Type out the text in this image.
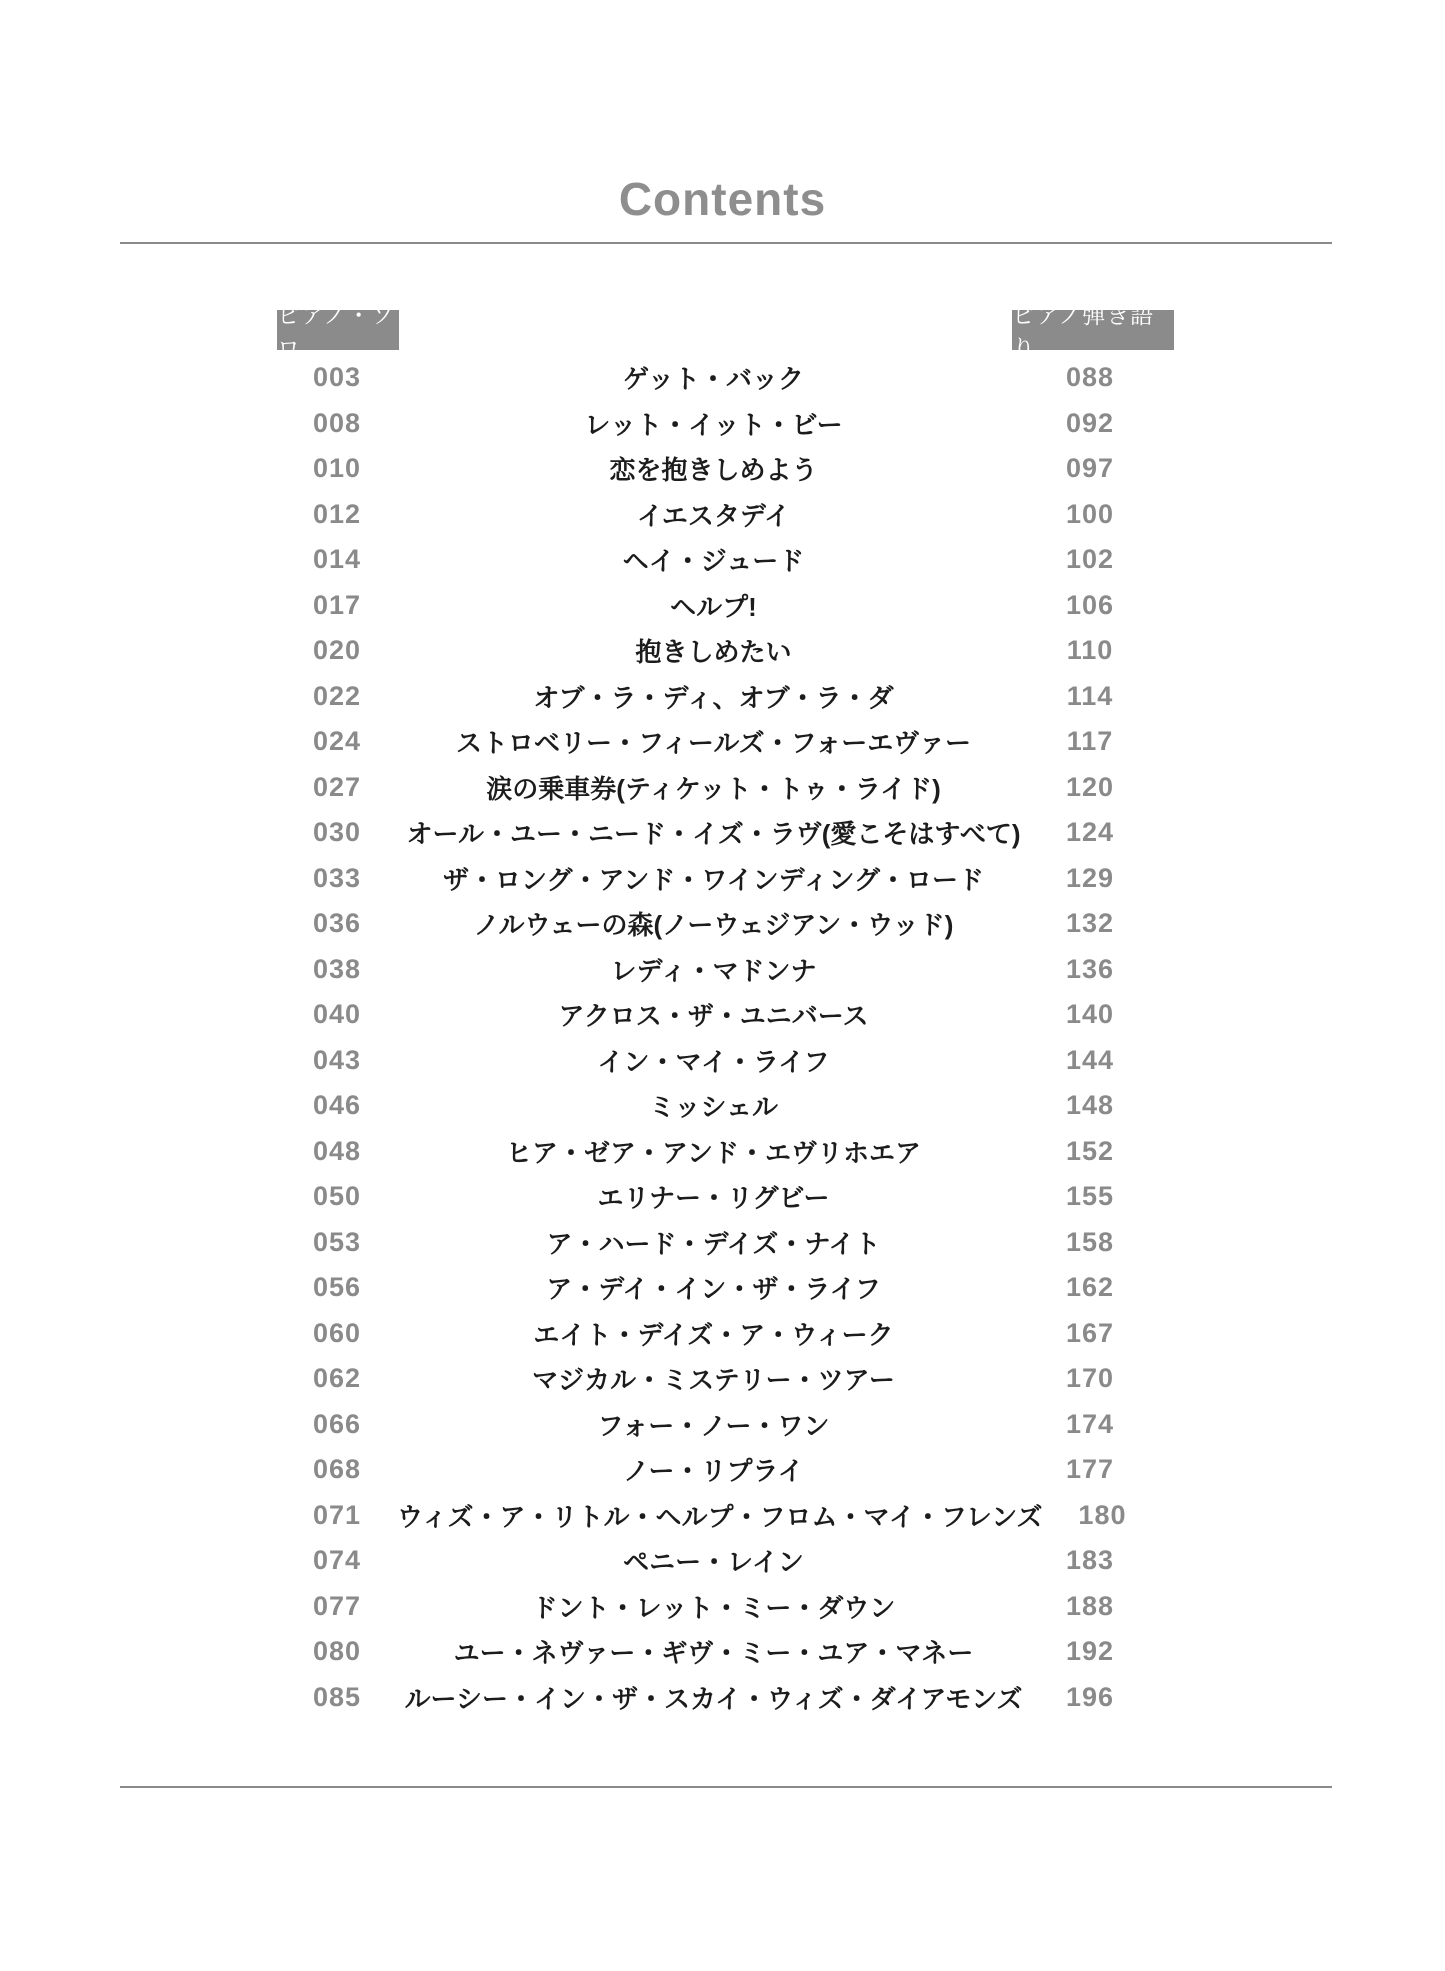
Contents
ピアノ・ソロ
ピアノ弾き語り
003	ゲット・バック	088
008	レット・イット・ビー	092
010	恋を抱きしめよう	097
012	イエスタデイ	100
014	ヘイ・ジュード	102
017	ヘルプ!	106
020	抱きしめたい	110
022	オブ・ラ・ディ、オブ・ラ・ダ	114
024	ストロベリー・フィールズ・フォーエヴァー	117
027	涙の乗車券(ティケット・トゥ・ライド)	120
030	オール・ユー・ニード・イズ・ラヴ(愛こそはすべて)	124
033	ザ・ロング・アンド・ワインディング・ロード	129
036	ノルウェーの森(ノーウェジアン・ウッド)	132
038	レディ・マドンナ	136
040	アクロス・ザ・ユニバース	140
043	イン・マイ・ライフ	144
046	ミッシェル	148
048	ヒア・ゼア・アンド・エヴリホエア	152
050	エリナー・リグビー	155
053	ア・ハード・デイズ・ナイト	158
056	ア・デイ・イン・ザ・ライフ	162
060	エイト・デイズ・ア・ウィーク	167
062	マジカル・ミステリー・ツアー	170
066	フォー・ノー・ワン	174
068	ノー・リプライ	177
071	ウィズ・ア・リトル・ヘルプ・フロム・マイ・フレンズ	180
074	ペニー・レイン	183
077	ドント・レット・ミー・ダウン	188
080	ユー・ネヴァー・ギヴ・ミー・ユア・マネー	192
085	ルーシー・イン・ザ・スカイ・ウィズ・ダイアモンズ	196
